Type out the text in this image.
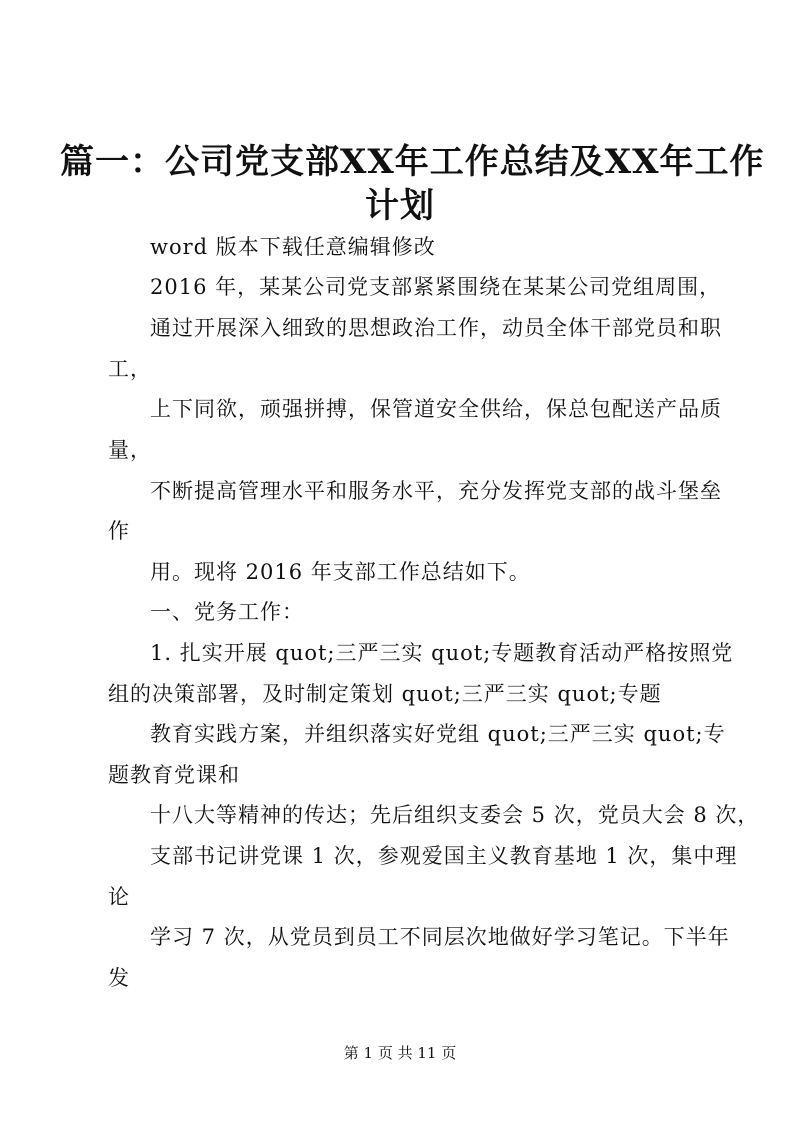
篇一：公司党支部XX年工作总结及XX年工作
计划
word 版本下载任意编辑修改
2016 年，某某公司党支部紧紧围绕在某某公司党组周围，
通过开展深入细致的思想政治工作，动员全体干部党员和职
工，
上下同欲，顽强拼搏，保管道安全供给，保总包配送产品质
量，
不断提高管理水平和服务水平，充分发挥党支部的战斗堡垒
作
用。现将 2016 年支部工作总结如下。
一、党务工作：
1. 扎实开展 quot;三严三实 quot;专题教育活动严格按照党
组的决策部署，及时制定策划 quot;三严三实 quot;专题
教育实践方案，并组织落实好党组 quot;三严三实 quot;专
题教育党课和
十八大等精神的传达；先后组织支委会 5 次，党员大会 8 次，
支部书记讲党课 1 次，参观爱国主义教育基地 1 次，集中理
论
学习 7 次，从党员到员工不同层次地做好学习笔记。下半年
发
第 1 页 共 11 页
